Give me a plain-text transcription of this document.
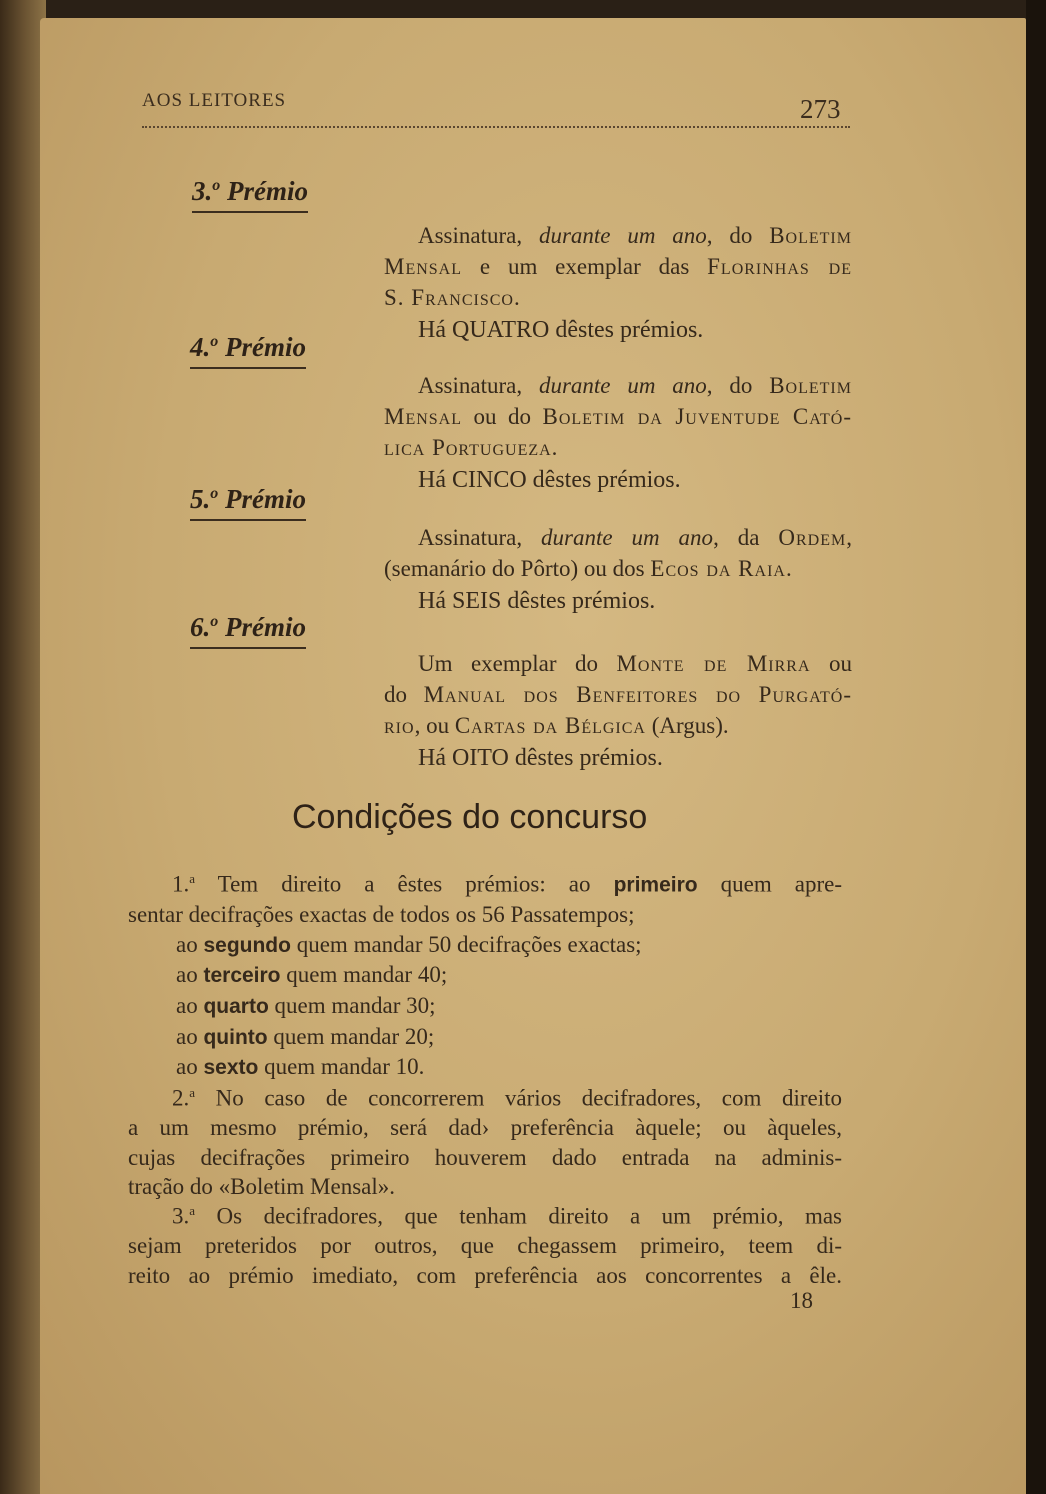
AOS LEITORES	273
3.$^o$ Prémio
4.$^o$ Prémio
5.$^o$ Prémio
6.$^o$ Prémio
Assinatura, durante um ano, do Boletim
Mensal e um exemplar das Florinhas de
S. Francisco.
Há QUATRO dêstes prémios.
Assinatura, durante um ano, do Boletim
Mensal ou do Boletim da Juventude Cató-
lica Portugueza.
Há CINCO dêstes prémios.
Assinatura, durante um ano, da Ordem,
(semanário do Pôrto) ou dos Ecos da Raia.
Há SEIS dêstes prémios.
Um exemplar do Monte de Mirra ou
do Manual dos Benfeitores do Purgató-
rio, ou Cartas da Bélgica (Argus).
Há OITO dêstes prémios.
Condições do concurso
1.$^a$ Tem direito a êstes prémios: ao primeiro quem apre-
sentar decifrações exactas de todos os 56 Passatempos;
ao segundo quem mandar 50 decifrações exactas;
ao terceiro quem mandar 40;
ao quarto quem mandar 30;
ao quinto quem mandar 20;
ao sexto quem mandar 10.
2.$^a$ No caso de concorrerem vários decifradores, com direito
a um mesmo prémio, será dad› preferência àquele; ou àqueles,
cujas decifrações primeiro houverem dado entrada na adminis-
tração do «Boletim Mensal».
3.$^a$ Os decifradores, que tenham direito a um prémio, mas
sejam preteridos por outros, que chegassem primeiro, teem di-
reito ao prémio imediato, com preferência aos concorrentes a êle.
18
